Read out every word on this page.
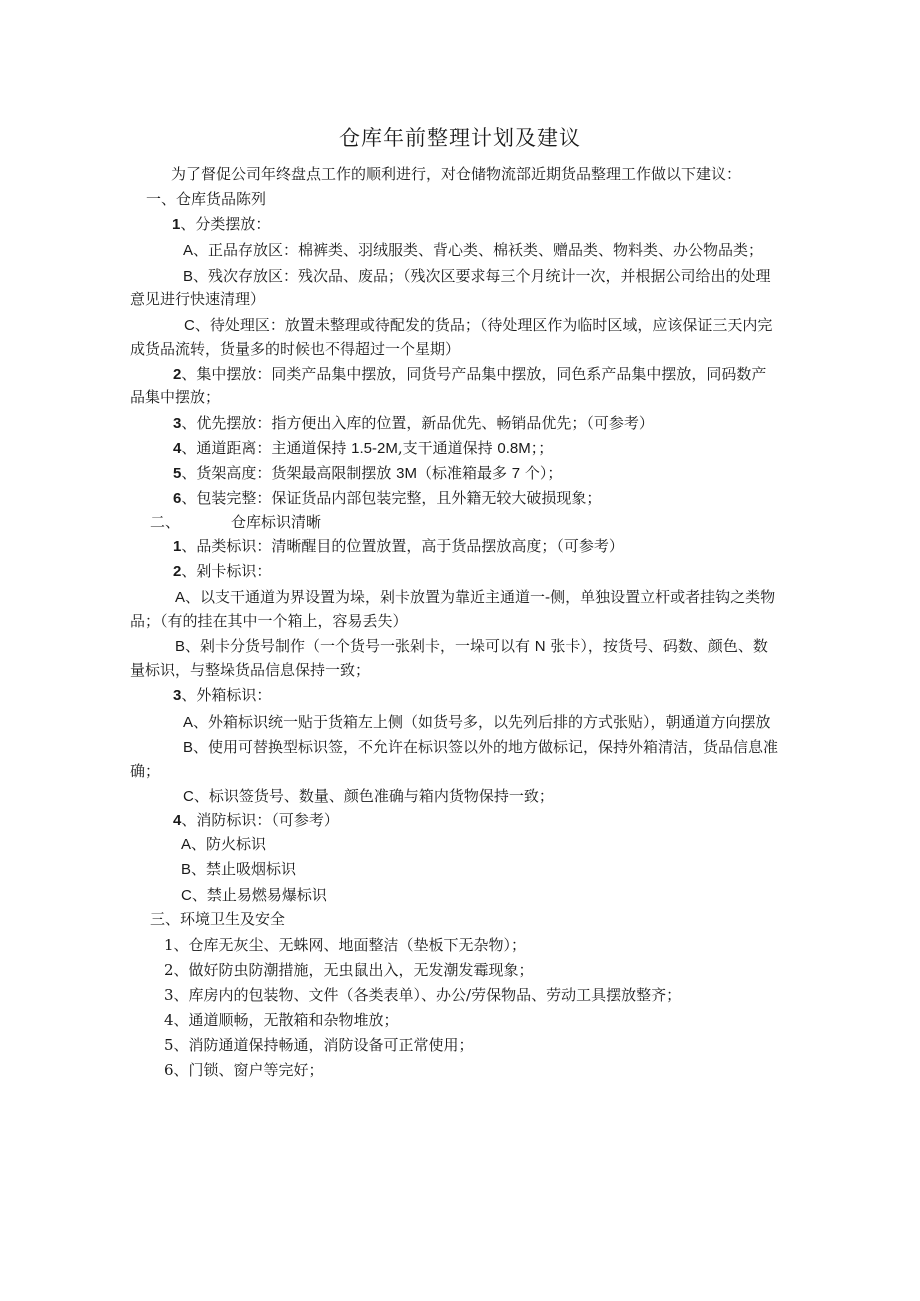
仓库年前整理计划及建议
为了督促公司年终盘点工作的顺利进行，对仓储物流部近期货品整理工作做以下建议：
一、仓库货品陈列
1、分类摆放：
A、正品存放区：棉裤类、羽绒服类、背心类、棉袄类、赠品类、物料类、办公物品类；
B、残次存放区：残次品、废品；（残次区要求每三个月统计一次，并根据公司给出的处理
意见进行快速清理）
C、待处理区：放置未整理或待配发的货品；（待处理区作为临时区域，应该保证三天内完
成货品流转，货量多的时候也不得超过一个星期）
2、集中摆放：同类产品集中摆放，同货号产品集中摆放，同色系产品集中摆放，同码数产
品集中摆放；
3、优先摆放：指方便出入库的位置，新品优先、畅销品优先；（可参考）
4、通道距离：主通道保持 1.5-2M,支干通道保持 0.8M；；
5、货架高度：货架最高限制摆放 3M（标准箱最多 7 个）；
6、包装完整：保证货品内部包装完整，且外籍无较大破损现象；
二、	仓库标识清晰
1、品类标识：清晰醒目的位置放置，高于货品摆放高度；（可参考）
2、剁卡标识：
A、以支干通道为界设置为垛，剁卡放置为靠近主通道一-侧，单独设置立杆或者挂钩之类物
品；（有的挂在其中一个箱上，容易丢失）
B、剁卡分货号制作（一个货号一张剁卡，一垛可以有 N 张卡），按货号、码数、颜色、数
量标识，与整垛货品信息保持一致；
3、外箱标识：
A、外箱标识统一贴于货箱左上侧（如货号多，以先列后排的方式张贴），朝通道方向摆放
B、使用可替换型标识签，不允许在标识签以外的地方做标记，保持外箱清洁，货品信息准
确；
C、标识签货号、数量、颜色准确与箱内货物保持一致；
4、消防标识：（可参考）
A、防火标识
B、禁止吸烟标识
C、禁止易燃易爆标识
三、环境卫生及安全
1、仓库无灰尘、无蛛网、地面整洁（垫板下无杂物）；
2、做好防虫防潮措施，无虫鼠出入，无发潮发霉现象；
3、库房内的包装物、文件（各类表单）、办公/劳保物品、劳动工具摆放整齐；
4、通道顺畅，无散箱和杂物堆放；
5、消防通道保持畅通，消防设备可正常使用；
6、门锁、窗户等完好；
